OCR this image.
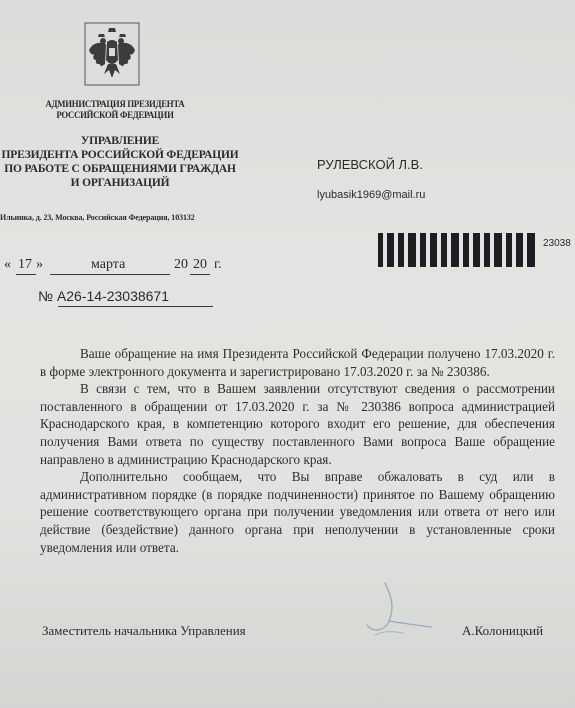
АДМИНИСТРАЦИЯ ПРЕЗИДЕНТА
РОССИЙСКОЙ ФЕДЕРАЦИИ
УПРАВЛЕНИЕ
ПРЕЗИДЕНТА РОССИЙСКОЙ ФЕДЕРАЦИИ
ПО РАБОТЕ С ОБРАЩЕНИЯМИ ГРАЖДАН
И ОРГАНИЗАЦИЙ
Ильинка, д. 23, Москва, Российская Федерация, 103132
РУЛЕВСКОЙ Л.В.
lyubasik1969@mail.ru
23038
« 17 »	марта	20 20 г.
№ А26-14-23038671

Ваше обращение на имя Президента Российской Федерации получено 17.03.2020 г. в форме электронного документа и зарегистрировано 17.03.2020 г. за № 230386.

В связи с тем, что в Вашем заявлении отсутствуют сведения о рассмотрении поставленного в обращении от 17.03.2020 г. за № 230386 вопроса администрацией Краснодарского края, в компетенцию которого входит его решение, для обеспечения получения Вами ответа по существу поставленного Вами вопроса Ваше обращение направлено в администрацию Краснодарского края.

Дополнительно сообщаем, что Вы вправе обжаловать в суд или в административном порядке (в порядке подчиненности) принятое по Вашему обращению решение соответствующего органа при получении уведомления или ответа от него или действие (бездействие) данного органа при неполучении в установленные сроки уведомления или ответа.

Заместитель начальника Управления	А.Колоницкий
